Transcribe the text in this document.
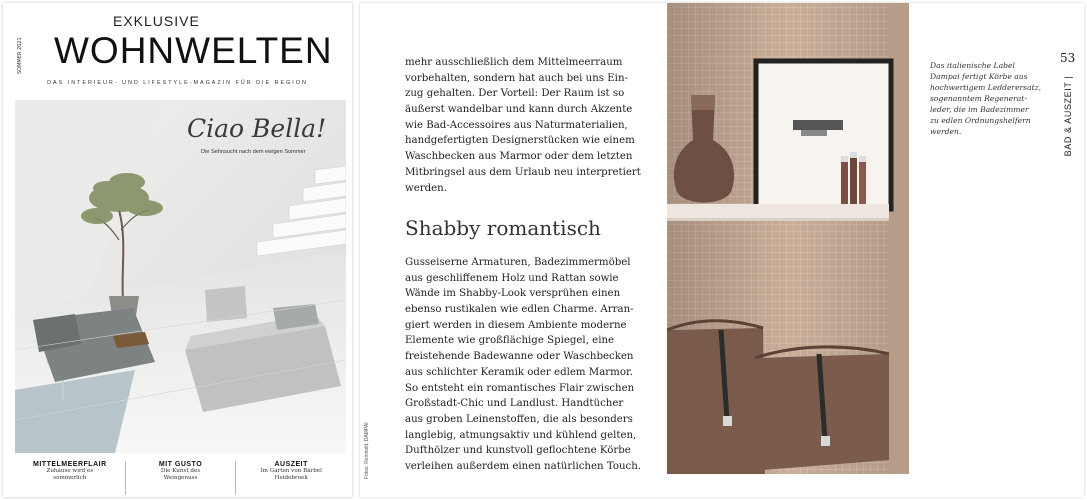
EXKLUSIVE
WOHNWELTEN
SOMMER 2021
DAS INTERIEUR- UND LIFESTYLE-MAGAZIN FÜR DIE REGION
Ciao Bella!
Die Sehnsucht nach dem ewigen Sommer
MITTELMEERFLAIR
Zuhause wird es
sommerlich
MIT GUSTO
Die Kunst des
Weingenuss
AUSZEIT
Im Garten von Bärbel
Heidebroek
mehr ausschließlich dem Mittelmeerraum
vorbehalten, sondern hat auch bei uns Ein-
zug gehalten. Der Vorteil: Der Raum ist so
äußerst wandelbar und kann durch Akzente
wie Bad-Accessoires aus Naturmaterialien,
handgefertigten Designerstücken wie einem
Waschbecken aus Marmor oder dem letzten
Mitbringsel aus dem Urlaub neu interpretiert
werden.
Shabby romantisch
Gusseiserne Armaturen, Badezimmermöbel
aus geschliffenem Holz und Rattan sowie
Wände im Shabby-Look versprühen einen
ebenso rustikalen wie edlen Charme. Arran-
giert werden in diesem Ambiente moderne
Elemente wie großflächige Spiegel, eine
freistehende Badewanne oder Waschbecken
aus schlichter Keramik oder edlem Marmor.
So entsteht ein romantisches Flair zwischen
Großstadt-Chic und Landlust. Handtücher
aus groben Leinenstoffen, die als besonders
langlebig, atmungsaktiv und kühlend gelten,
Dufthölzer und kunstvoll geflochtene Körbe
verleihen außerdem einen natürlichen Touch.
Fotos: Reinhold, DAMPAI
Das italienische Label
Dampai fertigt Körbe aus
hochwertigem Ledderersatz,
sogenanntem Regenerat-
leder, die im Badezimmer
zu edlen Ordnungshelfern
werden.
53
BAD & AUSZEIT |
